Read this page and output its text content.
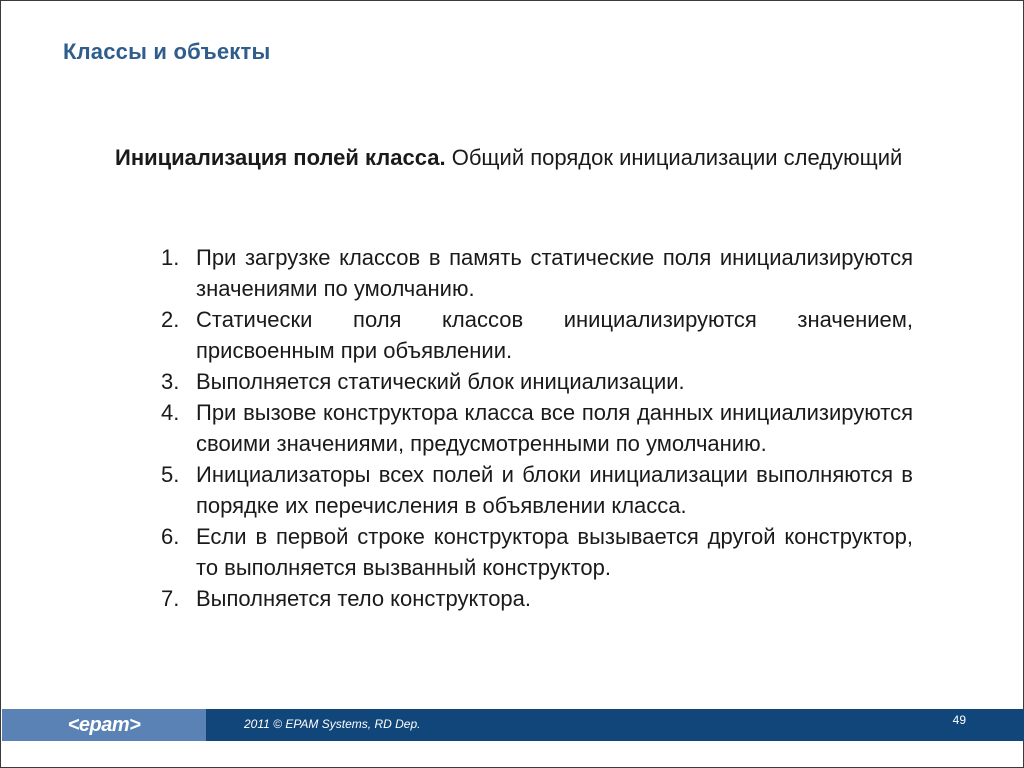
Классы и объекты
Инициализация полей класса. Общий порядок инициализации следующий
1. При загрузке классов в память статические поля инициализируются значениями по умолчанию.
2. Статически поля классов инициализируются значением, присвоенным при объявлении.
3. Выполняется статический блок инициализации.
4. При вызове конструктора класса все поля данных инициализируются своими значениями, предусмотренными по умолчанию.
5. Инициализаторы всех полей и блоки инициализации выполняются в порядке их перечисления в объявлении класса.
6. Если в первой строке конструктора вызывается другой конструктор, то выполняется вызванный конструктор.
7. Выполняется тело конструктора.
<epam>	2011 © EPAM Systems, RD Dep.	49
